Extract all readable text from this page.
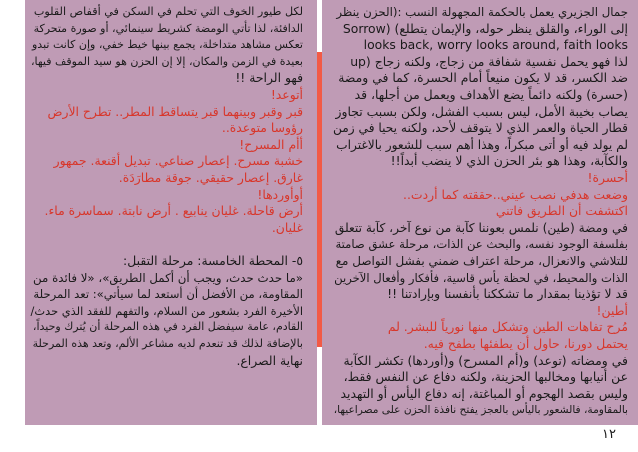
جمال الجزيري يعمل بالحكمة المجهولة النسب :(الحزن ينظر
إلى الوراء، والقلق ينظر حوله، والإيمان يتطلع) (Sorrow
looks back, worry looks around, faith looks
up) لذا فهو يحمل نفسية شفافة من زجاج، ولكنه زجاج
ضد الكسر، قد لا يكون منيعاً أمام الحسرة، كما في ومضة
(حسرة) ولكنه دائماً يضع الأهداف ويعمل من أجلها، قد
يصاب بخيبة الأمل، ليس بسبب الفشل، ولكن بسبب تجاوز
قطار الحياة والعمر الذي لا يتوقف لأحد، ولكنه يحيا في زمن
لم يولد فيه أو أتى مبكراً، وهذا أهم سبب للشعور بالاغتراب
والكآبة، وهذا هو بئر الحزن الذي لا ينضب أبداً!!
أحسرة!
وضعت هدفي نصب عيني..حققته كما أردت..
اكتشفت أن الطريق فاتني
في ومضة (طين) نلمس بعوننا كآبة من نوع آخر، كآبة تتعلق
بفلسفة الوجود نفسه، والبحث عن الذات، مرحلة عشق صامتة
للتلاشي والانعزال، مرحلة اعتراف ضمني بفشل التواصل مع
الذات والمحيط، في لحظة يأس قاسية، فأفكار وأفعال الآخرين
قد لا تؤذينا بمقدار ما تشككنا بأنفسنا وبإرادتنا !!
أطين!
مُرح تفاهات الطين وتشكل منها نورياً للبشر. لم
يحتمل دورنا، حاول أن يطفئها بطفح فيه.
في ومضاته (توعد) و(أم المسرح) و(أوردها) تكشر الكآبة
عن أنيابها ومخالبها الحزينة، ولكنه دفاع عن النفس فقط،
وليس بقصد الهجوم أو المباغتة، إنه دفاع اليأس أو التهديد
بالمقاومة، فالشعور باليأس بالعجز يفتح نافذة الحزن على مصراعيها،
لكل طيور الخوف التي تحلم في السكن في أقفاص القلوب
الدافئة، لذا تأتي الومضة كشريط سينمائي، أو صورة متحركة
تعكس مشاهد متداخلة، يجمع بينها خيط خفي، وإن كانت تبدو
بعيدة في الزمن والمكان، إلا إن الحزن هو سيد الموقف فيها،
فهو الراحة !!
أتوعد!
قبر وقبر وبينهما قبر يتساقط المطر.. تطرح الأرض
رؤوسا متوعدة..
أأم المسرح!
خشبة مسرح. إعصار صناعي. تبديل أقنعة. جمهور
غارق. إعصار حقيقي. جوقة مطارَدَة.
أوأوردها!
أرض قاحلة. غليان ينابيع . أرض نابتة. سماسرة ماء.
غليان.
٥- المحطة الخامسة: مرحلة التقبل:
«ما حدث حدث، ويجب أن أكمل الطريق»، «لا فائدة من
المقاومة، من الأفضل أن أستعد لما سيأتي»: تعد المرحلة
الأخيرة الفرد بشعور من السلام، والتفهم للفقد الذي حدث/
القادم، عامة سيفضل الفرد في هذه المرحلة أن يُترك وحيداً،
بالإضافة لذلك قد تنعدم لديه مشاعر الألم، وتعد هذه المرحلة
نهاية الصراع.
١٢
